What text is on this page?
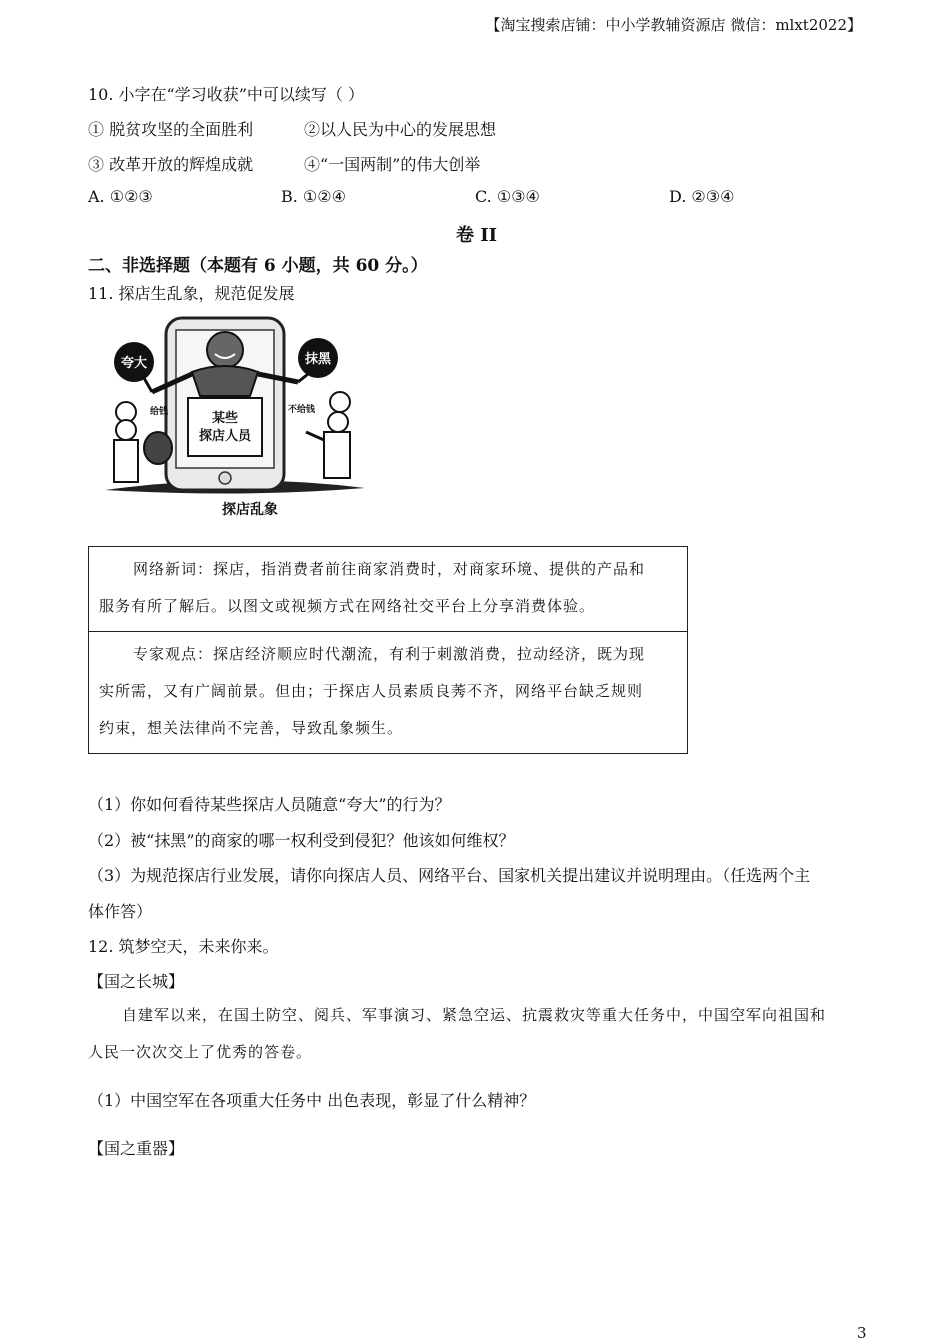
【淘宝搜索店铺：中小学教辅资源店 微信：mlxt2022】
10. 小字在“学习收获”中可以续写（ ）
① 脱贫攻坚的全面胜利	②以人民为中心的发展思想
③ 改革开放的辉煌成就	④“一国两制”的伟大创举
A. ①②③	B. ①②④	C. ①③④	D. ②③④
卷 II
二、非选择题（本题有 6 小题，共 60 分。）
11. 探店生乱象，规范促发展
某些
探店人员
夸大	抹黑
给钱	不给钱
探店乱象
网络新词：探店，指消费者前往商家消费时，对商家环境、提供的产品和
服务有所了解后。以图文或视频方式在网络社交平台上分享消费体验。
专家观点：探店经济顺应时代潮流，有利于刺激消费，拉动经济，既为现
实所需，又有广阔前景。但由；于探店人员素质良莠不齐，网络平台缺乏规则
约束，想关法律尚不完善，导致乱象频生。
（1）你如何看待某些探店人员随意“夸大”的行为？
（2）被“抹黑”的商家的哪一权利受到侵犯？他该如何维权？
（3）为规范探店行业发展，请你向探店人员、网络平台、国家机关提出建议并说明理由。（任选两个主
体作答）
12. 筑梦空天，未来你来。
【国之长城】
自建军以来，在国土防空、阅兵、军事演习、紧急空运、抗震救灾等重大任务中，中国空军向祖国和
人民一次次交上了优秀的答卷。
（1）中国空军在各项重大任务中 出色表现，彰显了什么精神？
【国之重器】
3
